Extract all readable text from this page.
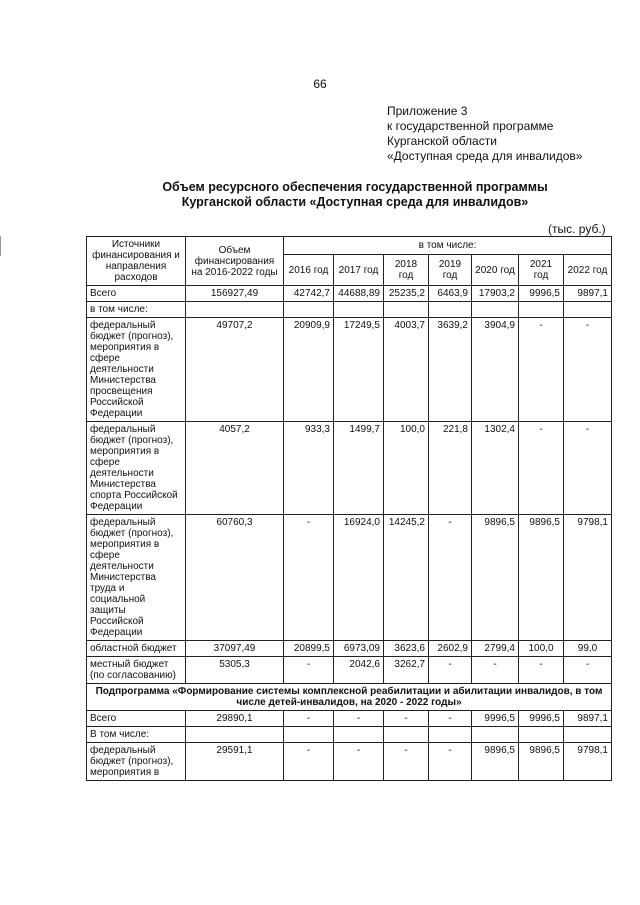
66
Приложение 3
к государственной программе
Курганской области
«Доступная среда для инвалидов»
Объем ресурсного обеспечения государственной программы
Курганской области «Доступная среда для инвалидов»
(тыс. руб.)
Источники финансирования и направления расходов	Объем финансирования на 2016-2022 годы	в том числе:						
		2016 год	2017 год	2018 год	2019 год	2020 год	2021 год	2022 год
Всего	156927,49	42742,7	44688,89	25235,2	6463,9	17903,2	9996,5	9897,1
в том числе:								
федеральный бюджет (прогноз), мероприятия в сфере деятельности Министерства просвещения Российской Федерации	49707,2	20909,9	17249,5	4003,7	3639,2	3904,9	-	-
федеральный бюджет (прогноз), мероприятия в сфере деятельности Министерства спорта Российской Федерации	4057,2	933,3	1499,7	100,0	221,8	1302,4	-	-
федеральный бюджет (прогноз), мероприятия в сфере деятельности Министерства труда и социальной защиты Российской Федерации	60760,3	-	16924,0	14245,2	-	9896,5	9896,5	9798,1
областной бюджет	37097,49	20899,5	6973,09	3623,6	2602,9	2799,4	100,0	99,0
местный бюджет (по согласованию)	5305,3	-	2042,6	3262,7	-	-	-	-
Подпрограмма «Формирование системы комплексной реабилитации и абилитации инвалидов, в том числе детей-инвалидов, на 2020 - 2022 годы»								
Всего	29890,1	-	-	-	-	9996,5	9996,5	9897,1
В том числе:								
федеральный бюджет (прогноз), мероприятия в	29591,1	-	-	-	-	9896,5	9896,5	9798,1
